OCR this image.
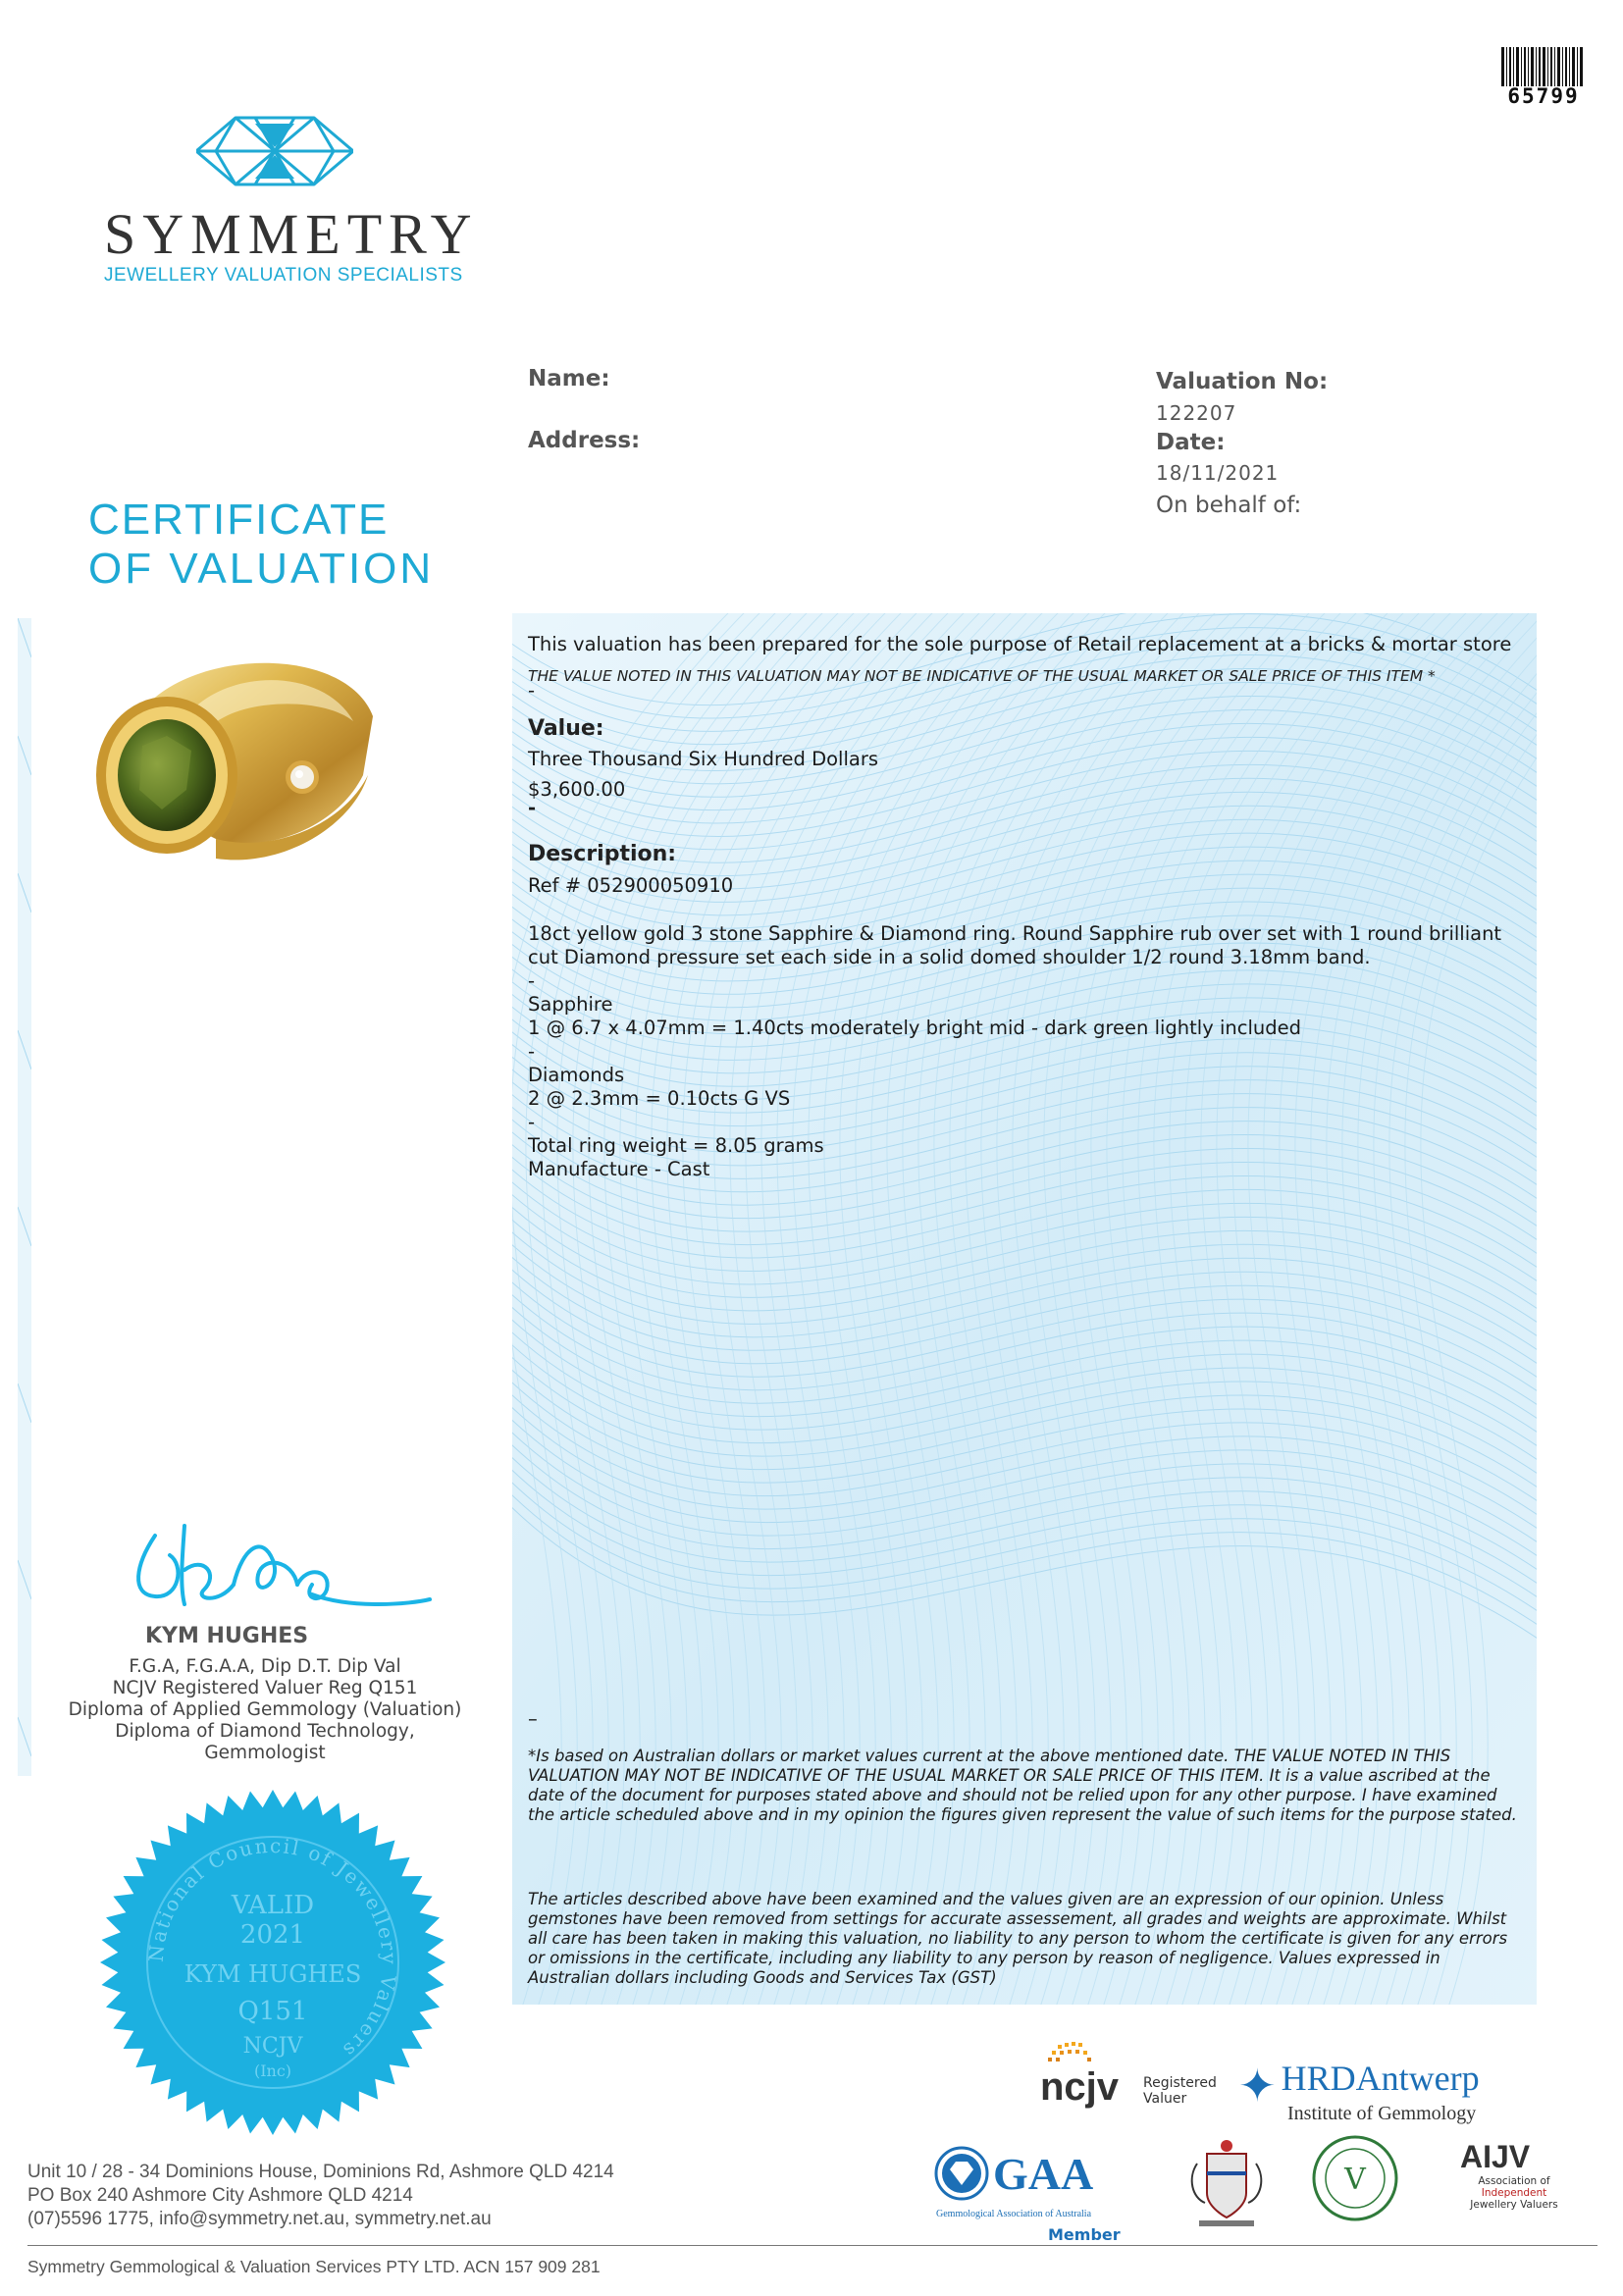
65799
SYMMETRY
JEWELLERY VALUATION SPECIALISTS
Name:
Address:
Valuation No:
122207
Date:
18/11/2021
On behalf of:
CERTIFICATE
OF VALUATION
This valuation has been prepared for the sole purpose of Retail replacement at a bricks & mortar store
THE VALUE NOTED IN THIS VALUATION MAY NOT BE INDICATIVE OF THE USUAL MARKET OR SALE PRICE OF THIS ITEM *
-
Value:
Three Thousand Six Hundred Dollars
$3,600.00
-
Description:
Ref # 052900050910
18ct yellow gold 3 stone Sapphire & Diamond ring. Round Sapphire rub over set with 1 round brilliant
cut Diamond pressure set each side in a solid domed shoulder 1/2 round 3.18mm band.
-
Sapphire
1 @ 6.7 x 4.07mm = 1.40cts moderately bright mid - dark green lightly included
-
Diamonds
2 @ 2.3mm = 0.10cts G VS
-
Total ring weight = 8.05 grams
Manufacture - Cast
–
*Is based on Australian dollars or market values current at the above mentioned date. THE VALUE NOTED IN THIS VALUATION MAY NOT BE INDICATIVE OF THE USUAL MARKET OR SALE PRICE OF THIS ITEM. It is a value ascribed at the date of the document for purposes stated above and should not be relied upon for any other purpose. I have examined the article scheduled above and in my opinion the figures given represent the value of such items for the purpose stated.
The articles described above have been examined and the values given are an expression of our opinion. Unless gemstones have been removed from settings for accurate assessement, all grades and weights are approximate. Whilst all care has been taken in making this valuation, no liability to any person to whom the certificate is given for any errors or omissions in the certificate, including any liability to any person by reason of negligence. Values expressed in Australian dollars including Goods and Services Tax (GST)
KYM HUGHES
F.G.A, F.G.A.A, Dip D.T. Dip Val
NCJV Registered Valuer Reg Q151
Diploma of Applied Gemmology (Valuation)
Diploma of Diamond Technology,
Gemmologist
National Council of Jewellery Valuers
VALID
2021
KYM HUGHES
Q151
NCJV
(Inc)	ncjv Registered
Valuer	✦ HRDAntwerp
Institute of Gemmology
GAA
Gemmological Association of Australia
Member
V
AIJV
Association of
Independent
Jewellery Valuers
Unit 10 / 28 - 34 Dominions House, Dominions Rd, Ashmore QLD 4214
PO Box 240 Ashmore City Ashmore QLD 4214
(07)5596 1775, info@symmetry.net.au, symmetry.net.au
Symmetry Gemmological & Valuation Services PTY LTD. ACN 157 909 281
